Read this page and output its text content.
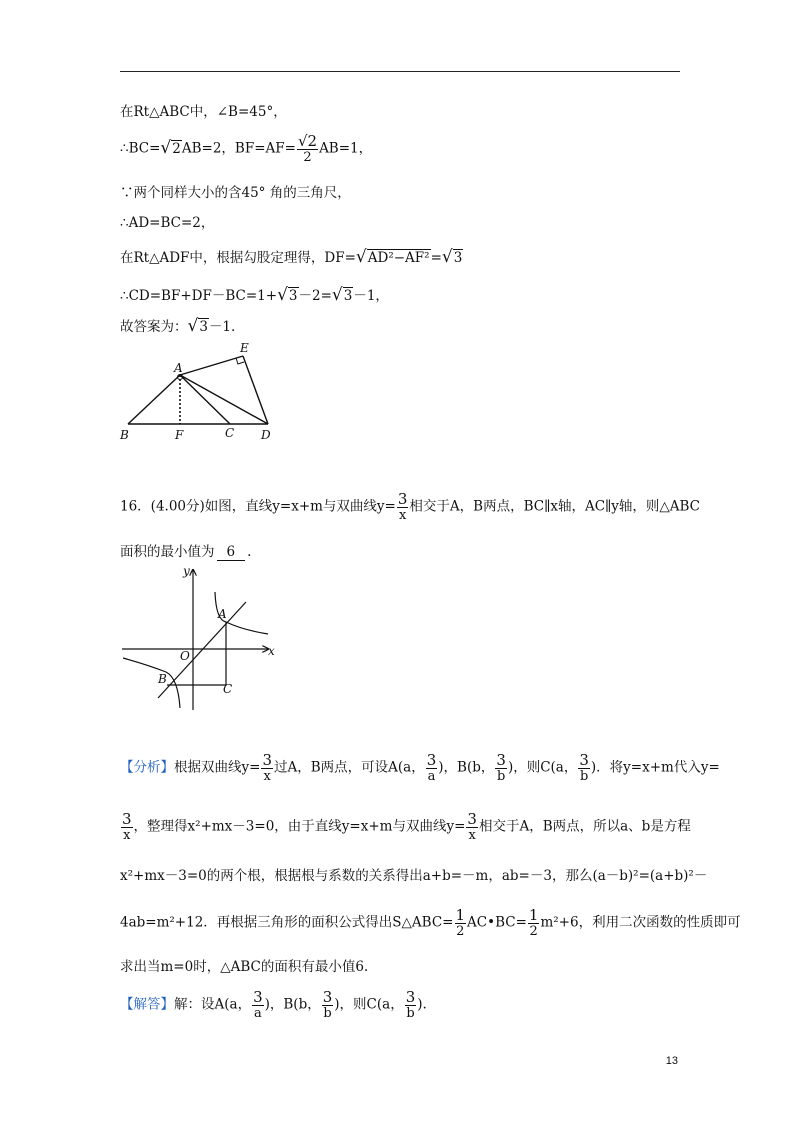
在Rt△ABC中，∠B=45°，
∴BC=√2AB=2，$BF=AF= \frac{√2}{2} AB=1$，
∵两个同样大小的含45° 角的三角尺，
∴AD=BC=2，
在Rt△ADF中，根据勾股定理得，DF=√AD²−AF²=√3
∴CD=BF+DF－BC=1+√3－2=√3－1，
故答案为：√3－1.
A
E
B	F	C D
16．(4.00分)如图，直线y=x+m与双曲线$y= \frac{3}{x}$ 相交于A，B两点，BC∥x轴，AC∥y轴，则△ABC
面积的最小值为 6 .
y
x
O
A
B
C
【分析】根据双曲线$y= \frac{3}{x}$ 过A，B两点，可设A(a， $\frac{3}{a}$ )，B(b， $\frac{3}{b}$ )，则C(a， $\frac{3}{b}$ )．将y=x+m代入y=
$\frac{3}{x}$ ，整理得x²+mx－3=0，由于直线y=x+m与双曲线$y= \frac{3}{x}$ 相交于A，B两点，所以a、b是方程
x²+mx－3=0的两个根，根据根与系数的关系得出a+b=－m，ab=－3，那么(a－b)²=(a+b)²－
4ab=m²+12．再根据三角形的面积公式得出S△ABC= $\frac{1}{2}$ AC•BC= $\frac{1}{2} m^2+6$，利用二次函数的性质即可
求出当m=0时，△ABC的面积有最小值6.
【解答】解：设A(a， $\frac{3}{a}$ )，B(b， $\frac{3}{b}$ )，则C(a， $\frac{3}{b}$ ).
13
